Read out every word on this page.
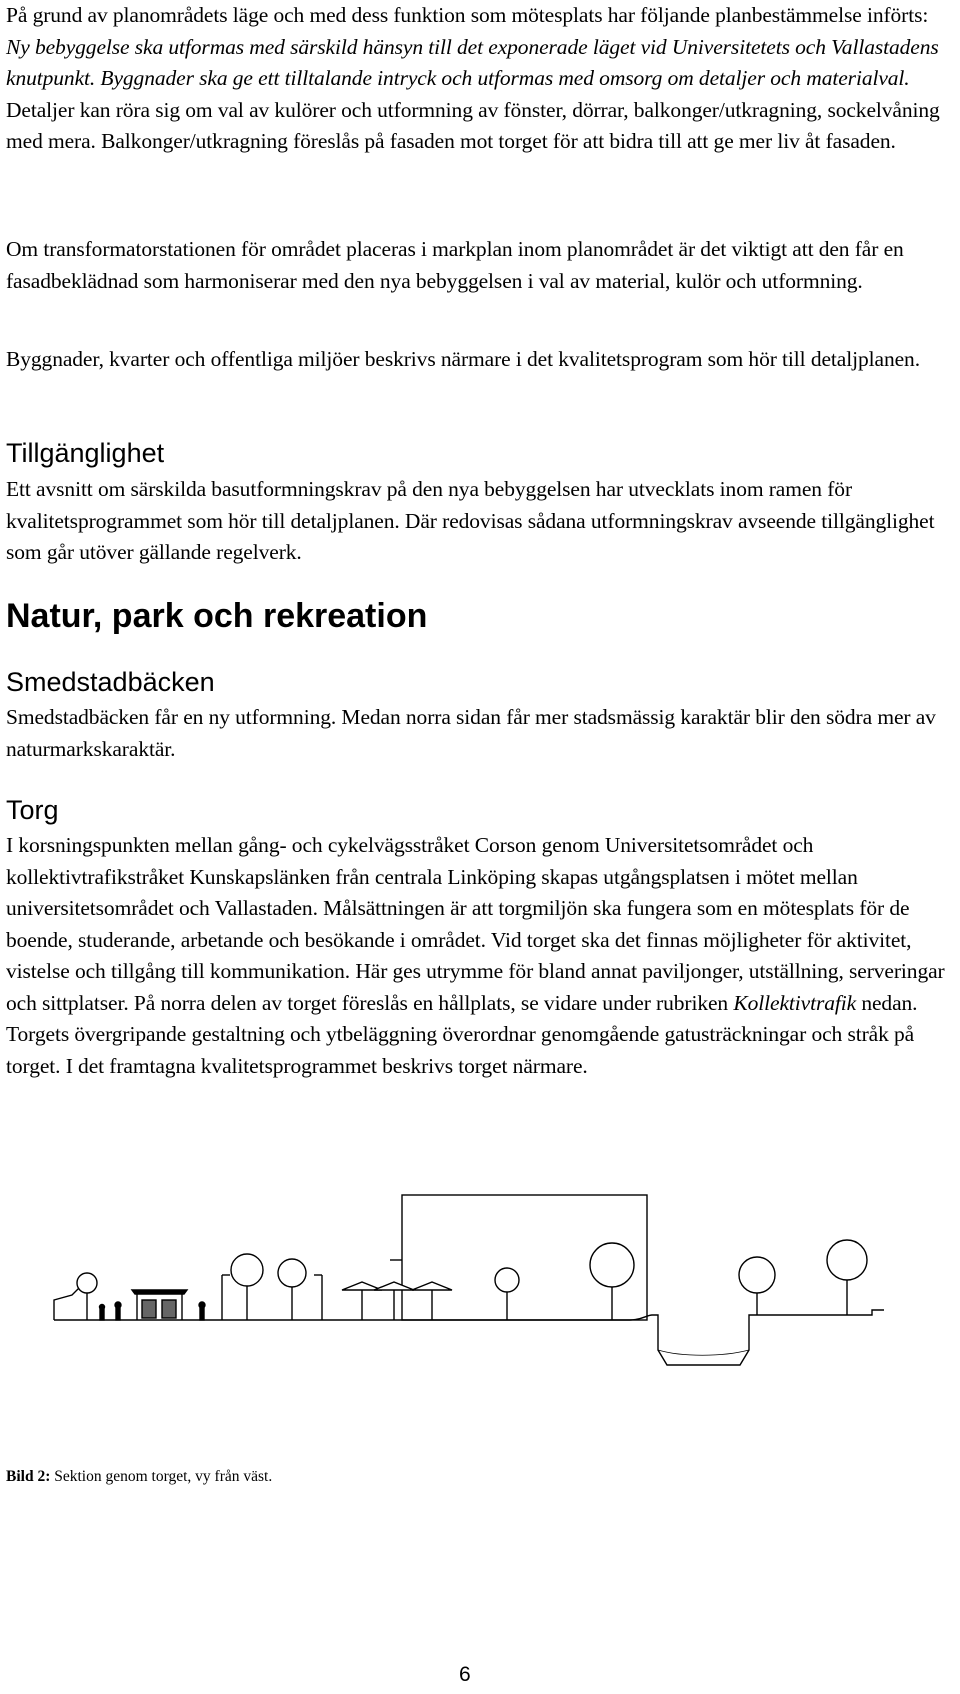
På grund av planområdets läge och med dess funktion som mötesplats har följande planbestämmelse införts: Ny bebyggelse ska utformas med särskild hänsyn till det exponerade läget vid Universitetets och Vallastadens knutpunkt. Byggnader ska ge ett tilltalande intryck och utformas med omsorg om detaljer och materialval. Detaljer kan röra sig om val av kulörer och utformning av fönster, dörrar, balkonger/utkragning, sockelvåning med mera. Balkonger/utkragning föreslås på fasaden mot torget för att bidra till att ge mer liv åt fasaden.

Om transformatorstationen för området placeras i markplan inom planområdet är det viktigt att den får en fasadbeklädnad som harmoniserar med den nya bebyggelsen i val av material, kulör och utformning.

Byggnader, kvarter och offentliga miljöer beskrivs närmare i det kvalitetsprogram som hör till detaljplanen.

Tillgänglighet

Ett avsnitt om särskilda basutformningskrav på den nya bebyggelsen har utvecklats inom ramen för kvalitetsprogrammet som hör till detaljplanen. Där redovisas sådana utformningskrav avseende tillgänglighet som går utöver gällande regelverk.

Natur, park och rekreation
Smedstadbäcken

Smedstadbäcken får en ny utformning. Medan norra sidan får mer stadsmässig karaktär blir den södra mer av naturmarkskaraktär.

Torg

I korsningspunkten mellan gång- och cykelvägsstråket Corson genom Universitetsområdet och kollektivtrafikstråket Kunskapslänken från centrala Linköping skapas utgångsplatsen i mötet mellan universitetsområdet och Vallastaden. Målsättningen är att torgmiljön ska fungera som en mötesplats för de boende, studerande, arbetande och besökande i området. Vid torget ska det finnas möjligheter för aktivitet, vistelse och tillgång till kommunikation. Här ges utrymme för bland annat paviljonger, utställning, serveringar och sittplatser. På norra delen av torget föreslås en hållplats, se vidare under rubriken Kollektivtrafik nedan. Torgets övergripande gestaltning och ytbeläggning överordnar genomgående gatusträckningar och stråk på torget. I det framtagna kvalitetsprogrammet beskrivs torget närmare.

Bild 2: Sektion genom torget, vy från väst.
6
